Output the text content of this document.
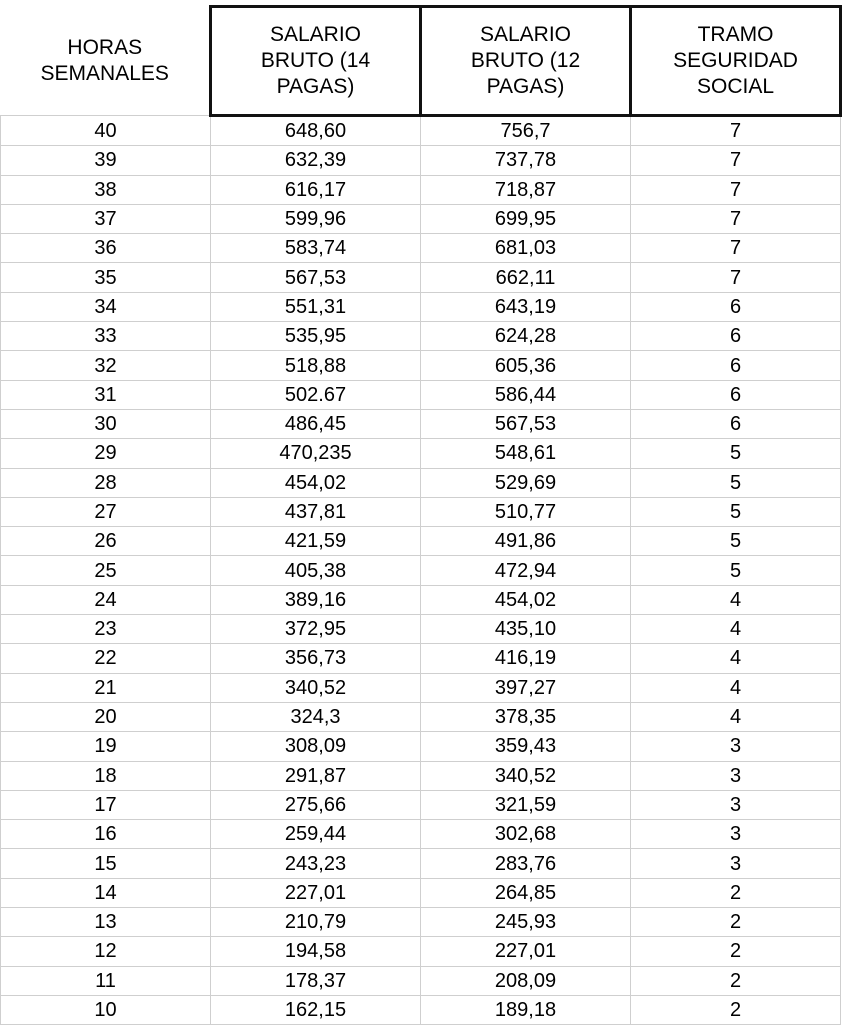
HORAS
SEMANALES	SALARIO
BRUTO (14
PAGAS)	SALARIO
BRUTO (12
PAGAS)	TRAMO
SEGURIDAD
SOCIAL

40	648,60	756,7	7
39	632,39	737,78	7
38	616,17	718,87	7
37	599,96	699,95	7
36	583,74	681,03	7
35	567,53	662,11	7
34	551,31	643,19	6
33	535,95	624,28	6
32	518,88	605,36	6
31	502.67	586,44	6
30	486,45	567,53	6
29	470,235	548,61	5
28	454,02	529,69	5
27	437,81	510,77	5
26	421,59	491,86	5
25	405,38	472,94	5
24	389,16	454,02	4
23	372,95	435,10	4
22	356,73	416,19	4
21	340,52	397,27	4
20	324,3	378,35	4
19	308,09	359,43	3
18	291,87	340,52	3
17	275,66	321,59	3
16	259,44	302,68	3
15	243,23	283,76	3
14	227,01	264,85	2
13	210,79	245,93	2
12	194,58	227,01	2
11	178,37	208,09	2
10	162,15	189,18	2
